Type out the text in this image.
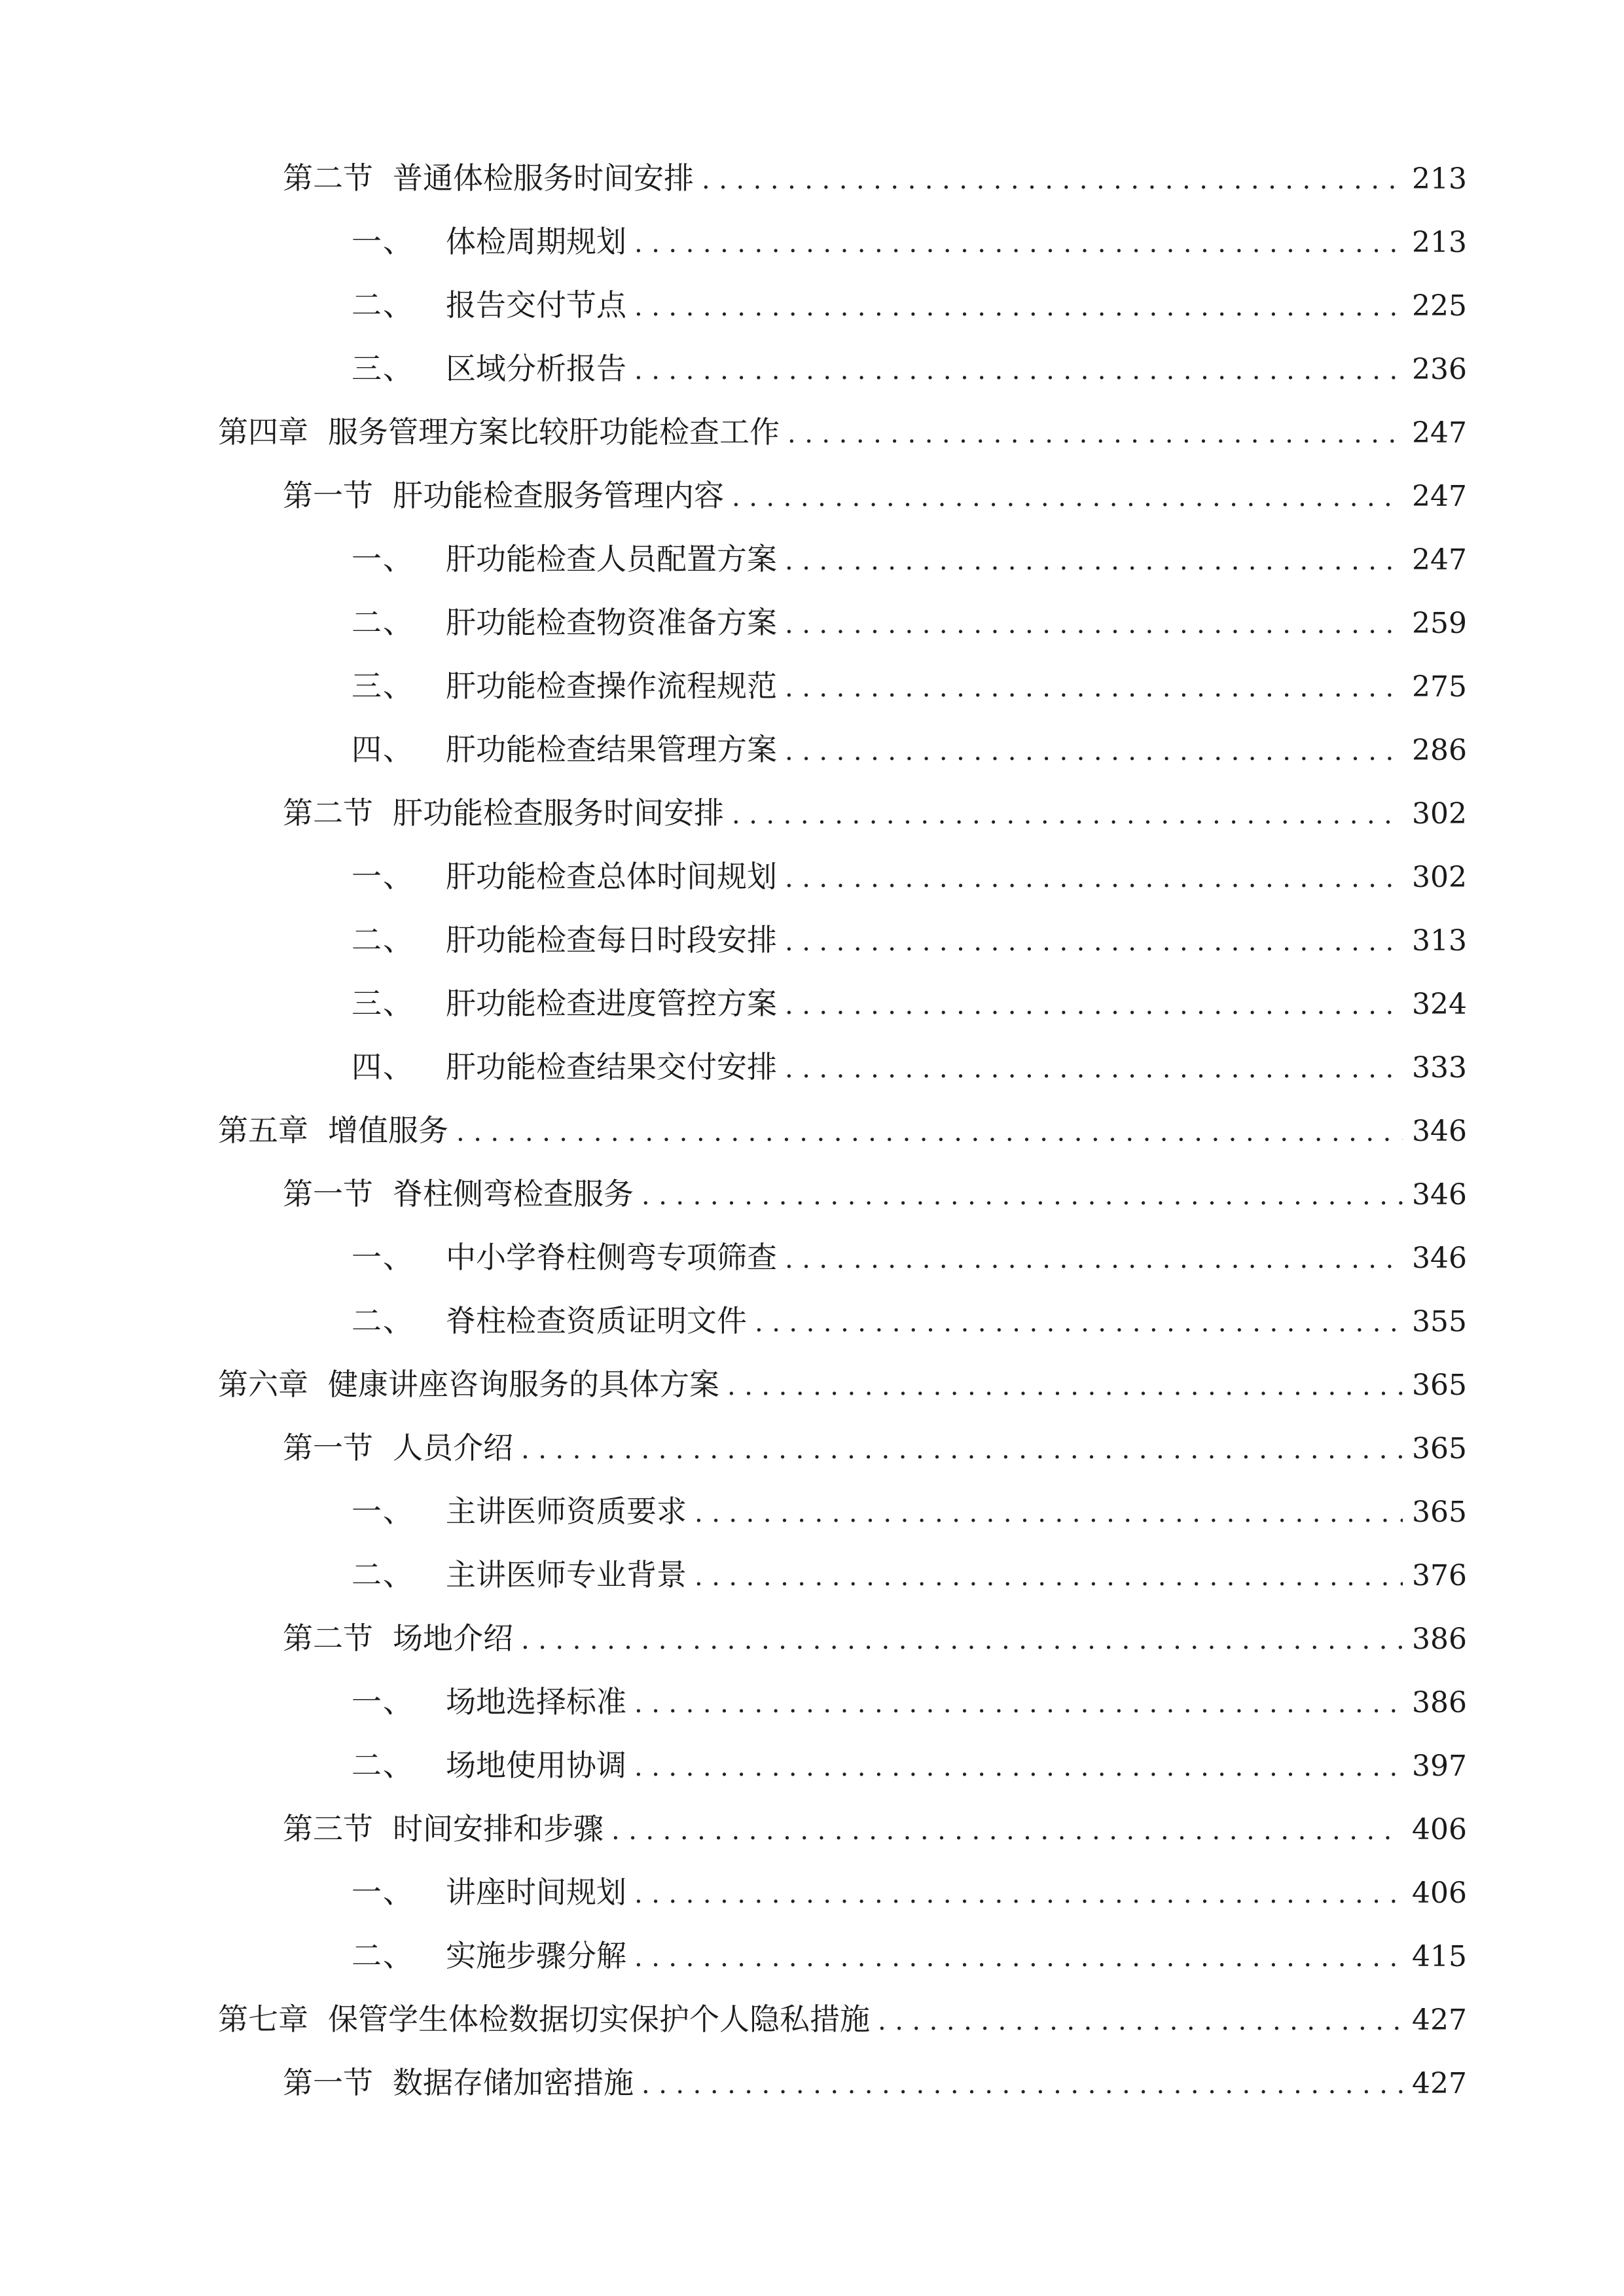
第二节 普通体检服务时间安排 .....	213
一、 体检周期规划 .....	213
二、 报告交付节点 .....	225
三、 区域分析报告 .....	236
第四章 服务管理方案比较肝功能检查工作 .....	247
第一节 肝功能检查服务管理内容 .....	247
一、 肝功能检查人员配置方案 .....	247
二、 肝功能检查物资准备方案 .....	259
三、 肝功能检查操作流程规范 .....	275
四、 肝功能检查结果管理方案 .....	286
第二节 肝功能检查服务时间安排 .....	302
一、 肝功能检查总体时间规划 .....	302
二、 肝功能检查每日时段安排 .....	313
三、 肝功能检查进度管控方案 .....	324
四、 肝功能检查结果交付安排 .....	333
第五章 增值服务 .....	346
第一节 脊柱侧弯检查服务 .....	346
一、 中小学脊柱侧弯专项筛查 .....	346
二、 脊柱检查资质证明文件 .....	355
第六章 健康讲座咨询服务的具体方案 .....	365
第一节 人员介绍 .....	365
一、 主讲医师资质要求 .....	365
二、 主讲医师专业背景 .....	376
第二节 场地介绍 .....	386
一、 场地选择标准 .....	386
二、 场地使用协调 .....	397
第三节 时间安排和步骤 .....	406
一、 讲座时间规划 .....	406
二、 实施步骤分解 .....	415
第七章 保管学生体检数据切实保护个人隐私措施 .....	427
第一节 数据存储加密措施 .....	427
